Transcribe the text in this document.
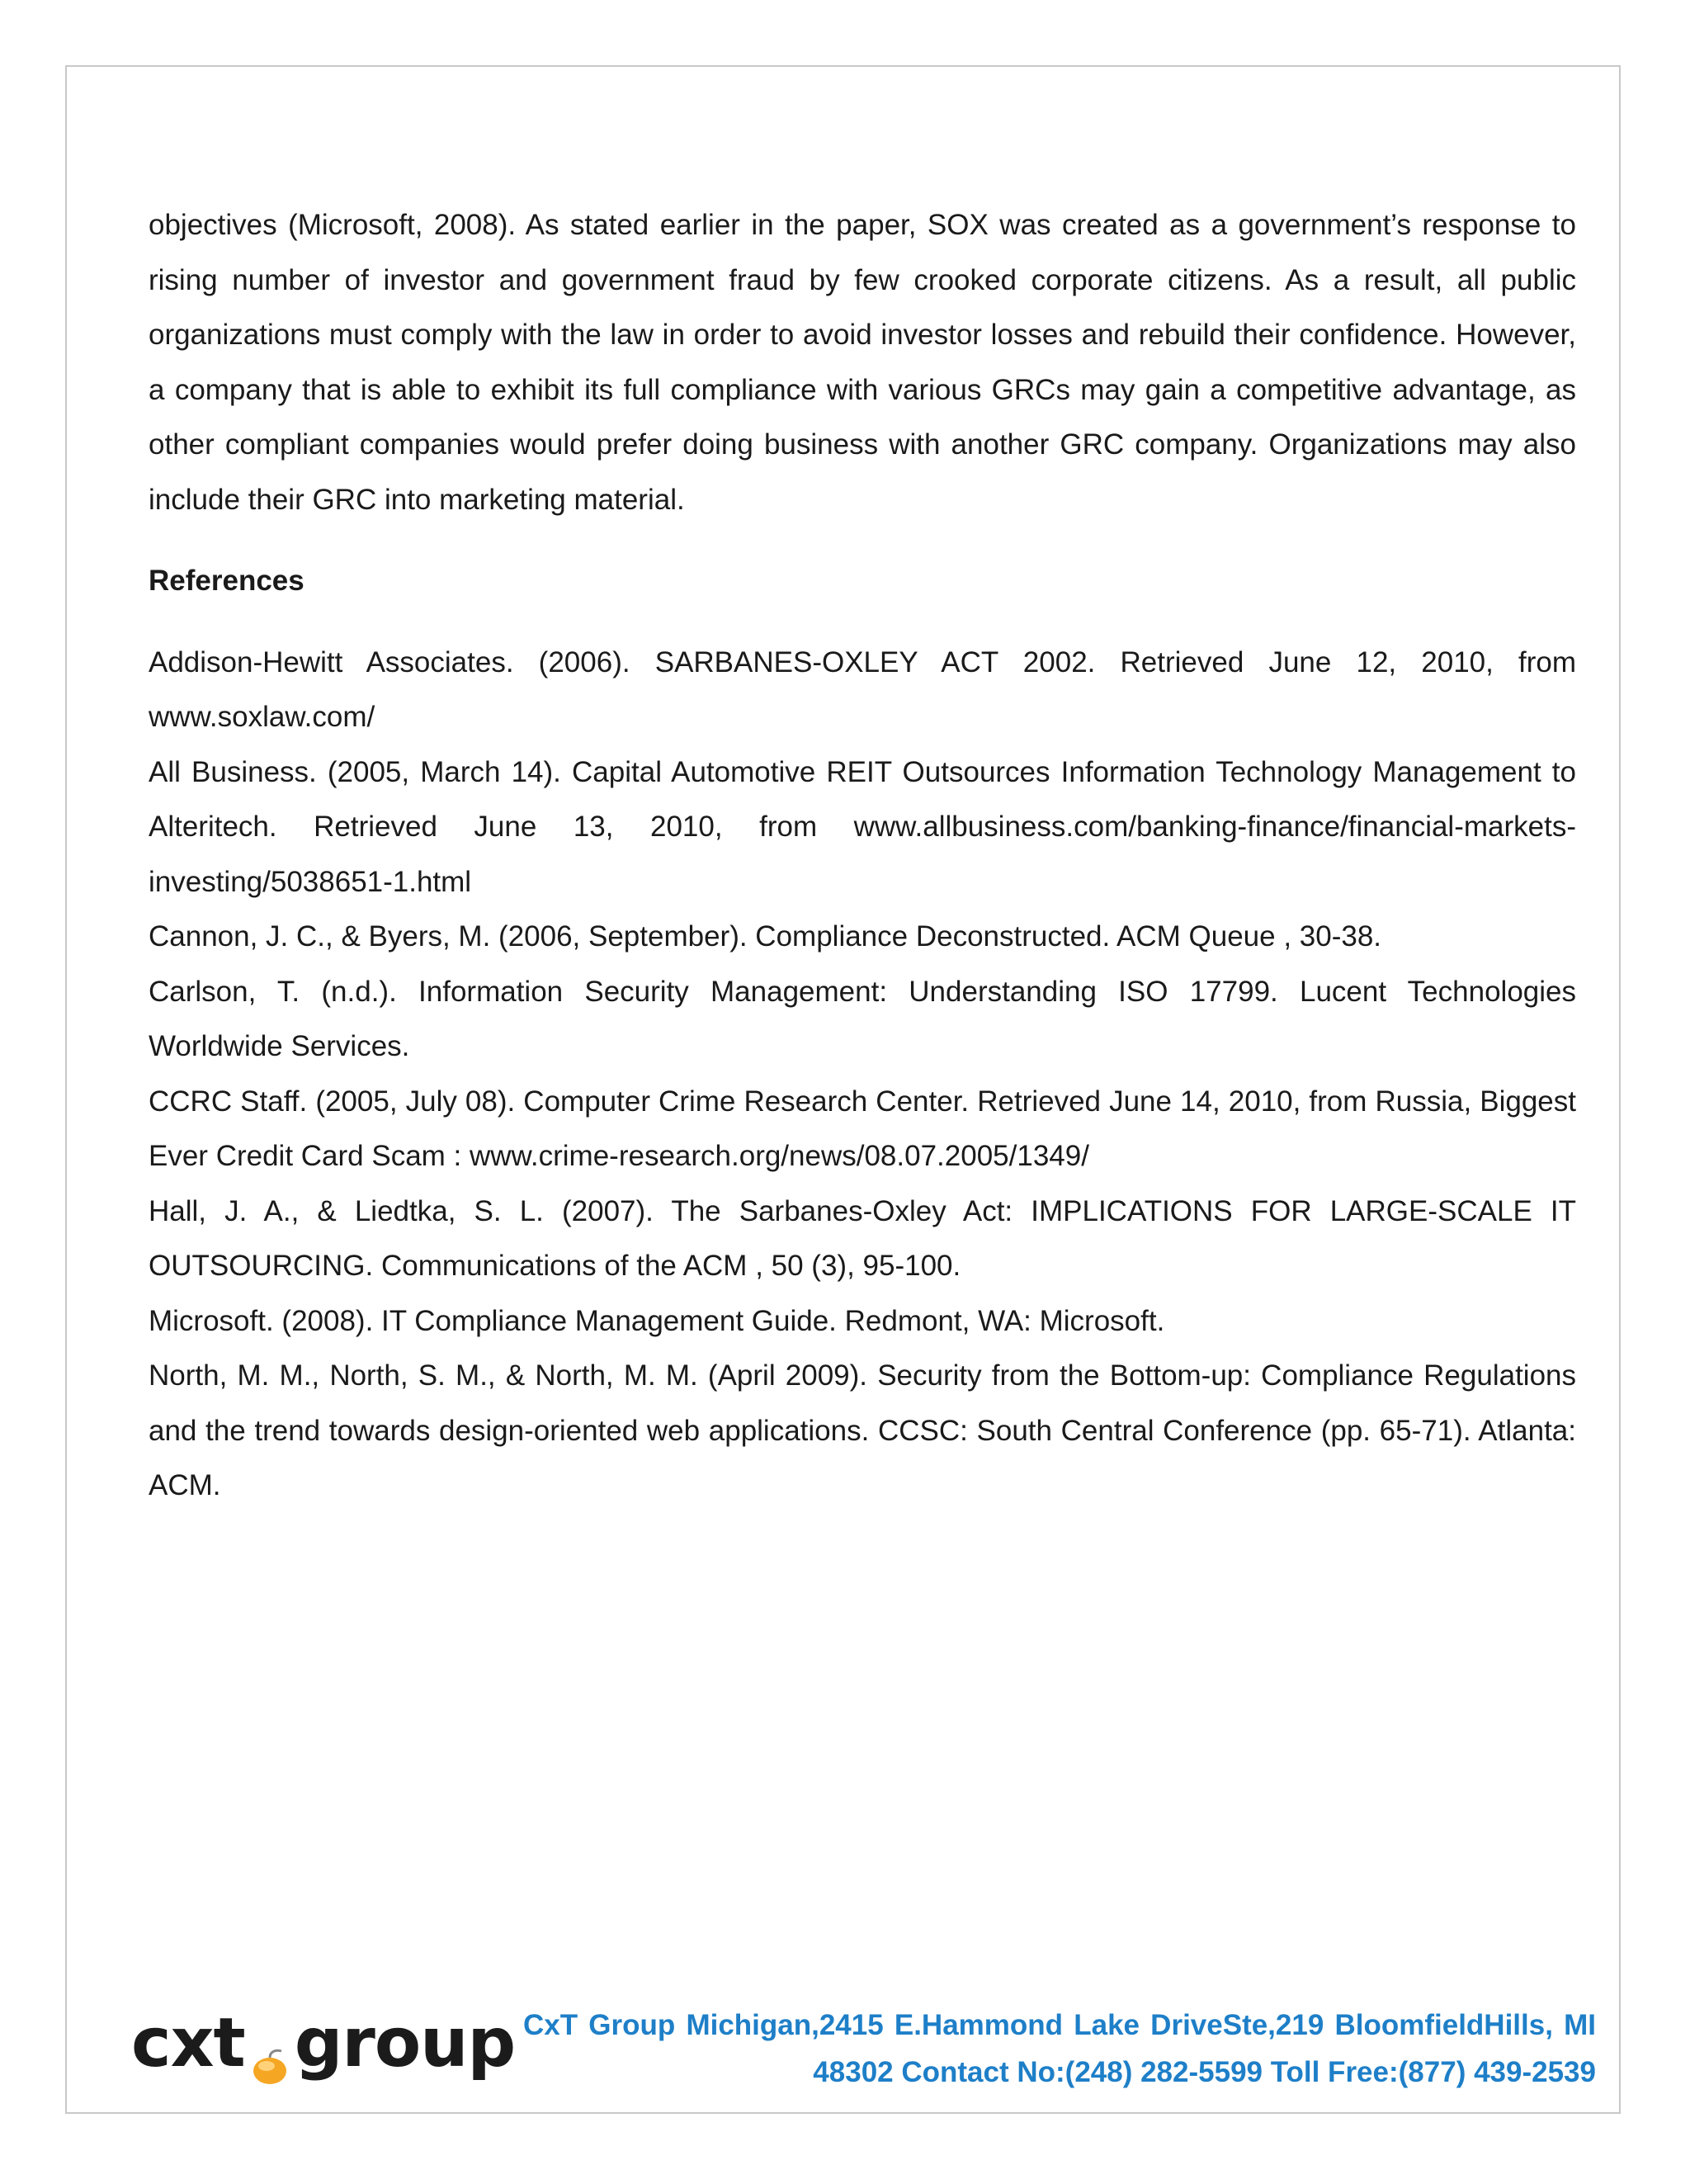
objectives (Microsoft, 2008). As stated earlier in the paper, SOX was created as a government’s response to rising number of investor and government fraud by few crooked corporate citizens. As a result, all public organizations must comply with the law in order to avoid investor losses and rebuild their confidence. However, a company that is able to exhibit its full compliance with various GRCs may gain a competitive advantage, as other compliant companies would prefer doing business with another GRC company. Organizations may also include their GRC into marketing material.

References

Addison-Hewitt Associates. (2006). SARBANES-OXLEY ACT 2002. Retrieved June 12, 2010, from www.soxlaw.com/

All Business. (2005, March 14). Capital Automotive REIT Outsources Information Technology Management to Alteritech. Retrieved June 13, 2010, from www.allbusiness.com/banking-finance/financial-markets-investing/5038651-1.html

Cannon, J. C., & Byers, M. (2006, September). Compliance Deconstructed. ACM Queue , 30-38.

Carlson, T. (n.d.). Information Security Management: Understanding ISO 17799. Lucent Technologies Worldwide Services.

CCRC Staff. (2005, July 08). Computer Crime Research Center. Retrieved June 14, 2010, from Russia, Biggest Ever Credit Card Scam : www.crime-research.org/news/08.07.2005/1349/

Hall, J. A., & Liedtka, S. L. (2007). The Sarbanes-Oxley Act: IMPLICATIONS FOR LARGE-SCALE IT OUTSOURCING. Communications of the ACM , 50 (3), 95-100.

Microsoft. (2008). IT Compliance Management Guide. Redmont, WA: Microsoft.

North, M. M., North, S. M., & North, M. M. (April 2009). Security from the Bottom-up: Compliance Regulations and the trend towards design-oriented web applications. CCSC: South Central Conference (pp. 65-71). Atlanta: ACM.

cxt group CxT Group Michigan,2415 E.Hammond Lake DriveSte,219 BloomfieldHills, MI 48302 Contact No:(248) 282-5599 Toll Free:(877) 439-2539
